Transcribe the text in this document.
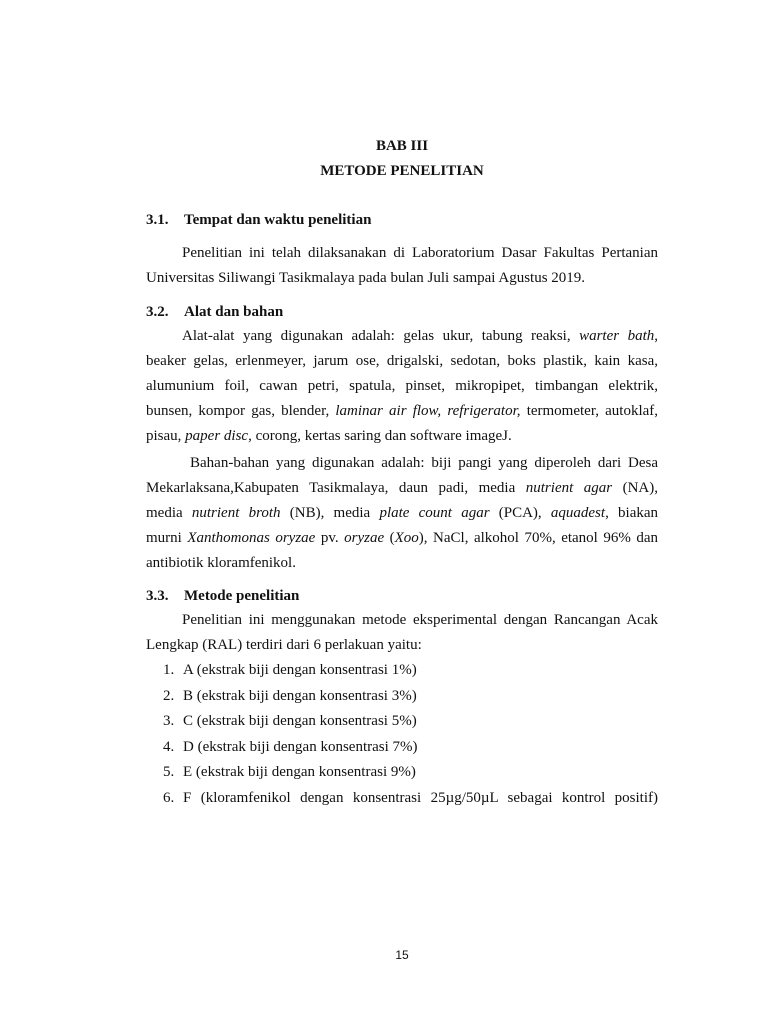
BAB III
METODE PENELITIAN
3.1. Tempat dan waktu penelitian
Penelitian ini telah dilaksanakan di Laboratorium Dasar Fakultas Pertanian
Universitas Siliwangi Tasikmalaya pada bulan Juli sampai Agustus 2019.
3.2. Alat dan bahan
Alat-alat yang digunakan adalah: gelas ukur, tabung reaksi, warter bath,
beaker gelas, erlenmeyer, jarum ose, drigalski, sedotan, boks plastik, kain kasa,
alumunium foil, cawan petri, spatula, pinset, mikropipet, timbangan elektrik,
bunsen, kompor gas, blender, laminar air flow, refrigerator, termometer, autoklaf,
pisau, paper disc, corong, kertas saring dan software imageJ.
Bahan-bahan yang digunakan adalah: biji pangi yang diperoleh dari Desa
Mekarlaksana,Kabupaten Tasikmalaya, daun padi, media nutrient agar (NA),
media nutrient broth (NB), media plate count agar (PCA), aquadest, biakan
murni Xanthomonas oryzae pv. oryzae (Xoo), NaCl, alkohol 70%, etanol 96% dan
antibiotik kloramfenikol.
3.3. Metode penelitian
Penelitian ini menggunakan metode eksperimental dengan Rancangan Acak
Lengkap (RAL) terdiri dari 6 perlakuan yaitu:
1. A (ekstrak biji dengan konsentrasi 1%)
2. B (ekstrak biji dengan konsentrasi 3%)
3. C (ekstrak biji dengan konsentrasi 5%)
4. D (ekstrak biji dengan konsentrasi 7%)
5. E (ekstrak biji dengan konsentrasi 9%)
6. F (kloramfenikol dengan konsentrasi 25µg/50µL sebagai kontrol positif)
15
